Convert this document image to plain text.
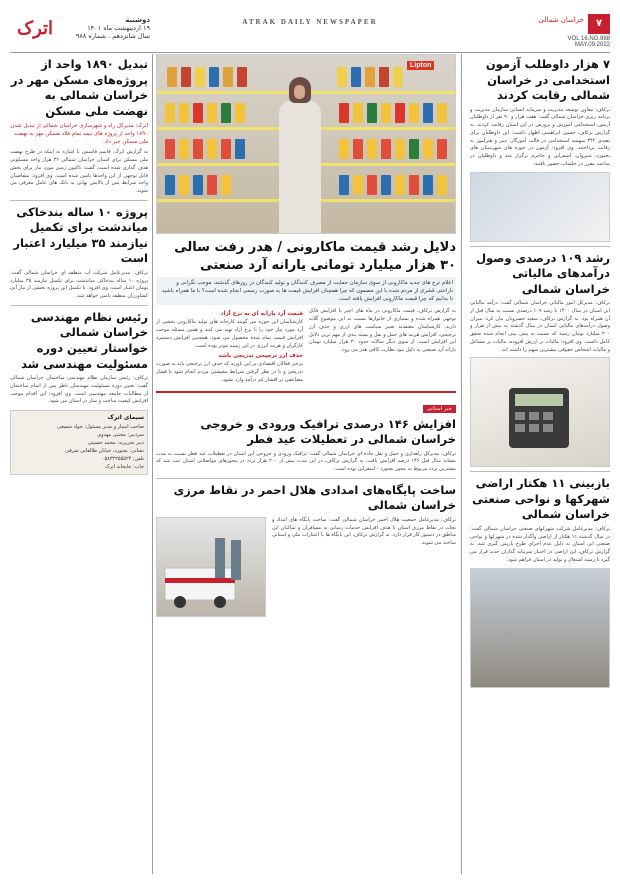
۷
خراسان شمالی
VOL 16.NO.988
MAY.09.2022
ATRAK DAILY NEWSPAPER
اترک	دوشنبه
۱۹ اردیبهشت ماه ۱۴۰۱
سال شانزدهم . شماره ۹۸۸
۷ هزار داوطلب آزمون استخدامی در خراسان شمالی رقابت کردند
ترکاف: معاون توسعه مدیریت و سرمایه انسانی سازمان مدیریت و برنامه ریزی خراسان شمالی گفت: هفت هزار و ۹۰ نفر از داوطلبان آزمون استخدامی آموزش و پرورش در این استان رقابت کردند. به گزارش ترکاف، حسین ابراهیمی اظهار داشت: این داوطلبان برای تصدی ۳۴۲ سهمیه استخدامی در قالب آموزگار، دبیر و هنرآموز به رقابت پرداختند. وی افزود: آزمون در حوزه های شهرستان های بجنورد، شیروان، اسفراین و جاجرم برگزار شد و داوطلبان در ساعت مقرر در جلسات حضور یافتند.
رشد ۱۰۹ درصدی وصول درآمدهای مالیاتی خراسان شمالی
ترکاف: مدیرکل امور مالیاتی خراسان شمالی گفت: درآمد مالیاتی این استان در سال ۱۴۰۰ با رشد ۱۰۹ درصدی نسبت به سال قبل از آن همراه بود. به گزارش ترکاف، سعید خسرویان بیان کرد: میزان وصول درآمدهای مالیاتی استان در سال گذشته به بیش از هزار و ۳۰۰ میلیارد تومان رسید که نسبت به پیش بینی انجام شده تحقق کامل داشت. وی افزود: مالیات بر ارزش افزوده، مالیات بر مشاغل و مالیات اشخاص حقوقی بیشترین سهم را داشته اند.
بازبینی ۱۱ هکتار اراضی شهرکها و نواحی صنعتی خراسان شمالی
ترکاف: مدیرعامل شرکت شهرکهای صنعتی خراسان شمالی گفت: در سال گذشته ۱۱ هکتار از اراضی واگذار شده در شهرکها و نواحی صنعتی این استان به دلیل عدم اجرای طرح بازپس گیری شد. به گزارش ترکاف، این اراضی در اختیار سرمایه گذاران جدید قرار می گیرد تا زمینه اشتغال و تولید در استان فراهم شود.
Lipton
دلایل رشد قیمت ماکارونی / هدر رفت سالی ۳۰ هزار میلیارد تومانی یارانه آرد صنعتی
اعلام نرخ های جدید ماکارونی از سوی سازمان حمایت از مصرف کنندگان و تولید کنندگان در روزهای گذشته، موجب نگرانی و ناراحتی قشری از مردم شده با این مضمون که چرا همچنان افزایش قیمت ها به صورت رسمی انجام شده است؟ با ما همراه باشید تا بدانیم که چرا قیمت ماکارونی افزایش یافته است.

به گزارش ترکاف، قیمت ماکارونی در ماه های اخیر با افزایش قابل توجهی همراه شده و بسیاری از خانوارها نسبت به این موضوع گلایه دارند. کارشناسان معتقدند تغییر سیاست های ارزی و حذف ارز ترجیحی، افزایش هزینه های حمل و نقل و بسته بندی از مهم ترین دلایل این افزایش است. از سوی دیگر سالانه حدود ۳۰ هزار میلیارد تومان یارانه آرد صنعتی به دلیل نبود نظارت کافی هدر می رود.

قیمت آرد یارانه ای به نرخ آزاد

کارشناسان این حوزه می گویند کارخانه های تولید ماکارونی بخشی از آرد مورد نیاز خود را با نرخ آزاد تهیه می کنند و همین مسئله موجب افزایش قیمت تمام شده محصول می شود. همچنین افزایش دستمزد کارگران و هزینه انرژی در این زمینه موثر بوده است.

حذف ارز ترجیحی تدریجی باشد

برخی فعالان اقتصادی بر این باورند که حذف ارز ترجیحی باید به صورت تدریجی و با در نظر گرفتن شرایط معیشتی مردم انجام شود تا فشار مضاعفی بر اقشار کم درآمد وارد نشود.

خبر استانی
افزایش ۱۴۶ درصدی ترافیک ورودی و خروجی خراسان شمالی در تعطیلات عید فطر
ترکاف: مدیرکل راهداری و حمل و نقل جاده ای خراسان شمالی گفت: ترافیک ورودی و خروجی این استان در تعطیلات عید فطر نسبت به مدت مشابه سال قبل ۱۴۶ درصد افزایش یافت. به گزارش ترکاف، در این مدت بیش از ۲۰۰ هزار تردد در محورهای مواصلاتی استان ثبت شد که بیشترین تردد مربوط به محور بجنورد - اسفراین بوده است.
ساخت پایگاه‌های امدادی هلال احمر در نقاط مرزی خراسان شمالی
ترکاف: مدیرعامل جمعیت هلال احمر خراسان شمالی گفت: ساخت پایگاه های امداد و نجات در نقاط مرزی استان با هدف افزایش خدمات رسانی به مسافران و ساکنان این مناطق در دستور کار قرار دارد. به گزارش ترکاف، این پایگاه ها با اعتبارات ملی و استانی ساخته می شوند.
تبدیل ۱۸۹۰ واحد از پروژه‌های مسکن مهر در خراسان شمالی به نهضت ملی مسکن
اترک: مدیرکل راه و شهرسازی خراسان شمالی از تبدیل شدن ۱۸۹۰ واحد از پروژه های نیمه تمام قلاد مسکن مهر به نهضت ملی مسکن خبر داد.
به گزارش اترک، قاسم قاسمی با اشاره به اینکه در طرح نهضت ملی مسکن برای استان خراسان شمالی ۳۶ هزار واحد مسکونی هدف گذاری شده است، گفت: تاکنون زمین مورد نیاز برای بخش قابل توجهی از این واحدها تامین شده است. وی افزود: متقاضیان واجد شرایط پس از پالایش نهایی به بانک های عامل معرفی می شوند.
پروژه ۱۰ ساله بندخاکی میاندشت برای تکمیل نیازمند ۳۵ میلیارد اعتبار است
ترکاف: مدیرعامل شرکت آب منطقه ای خراسان شمالی گفت: پروژه ۱۰ ساله بندخاکی میاندشت برای تکمیل نیازمند ۳۵ میلیارد تومان اعتبار است. وی افزود: با تکمیل این پروژه بخشی از نیاز آبی کشاورزان منطقه تامین خواهد شد.
رئیس نظام مهندسی خراسان شمالی خواستار تعیین دوره مسئولیت مهندسی شد
ترکاف: رئیس سازمان نظام مهندسی ساختمان خراسان شمالی گفت: تعیین دوره مسئولیت مهندسان ناظر پس از اتمام ساختمان از مطالبات جامعه مهندسی است. وی افزود: این اقدام موجب افزایش کیفیت ساخت و ساز در استان می شود.
سیمای اترک
صاحب امتیاز و مدیر مسئول: جواد شفیعی
سردبیر: مجتبی مهدوی
دبیر تحریریه: محمد حسینی
نشانی: بجنورد، خیابان طالقانی شرقی
تلفن: ۰۵۸۳۲۲۵۵۵۲۴
چاپ: چاپخانه اترک
